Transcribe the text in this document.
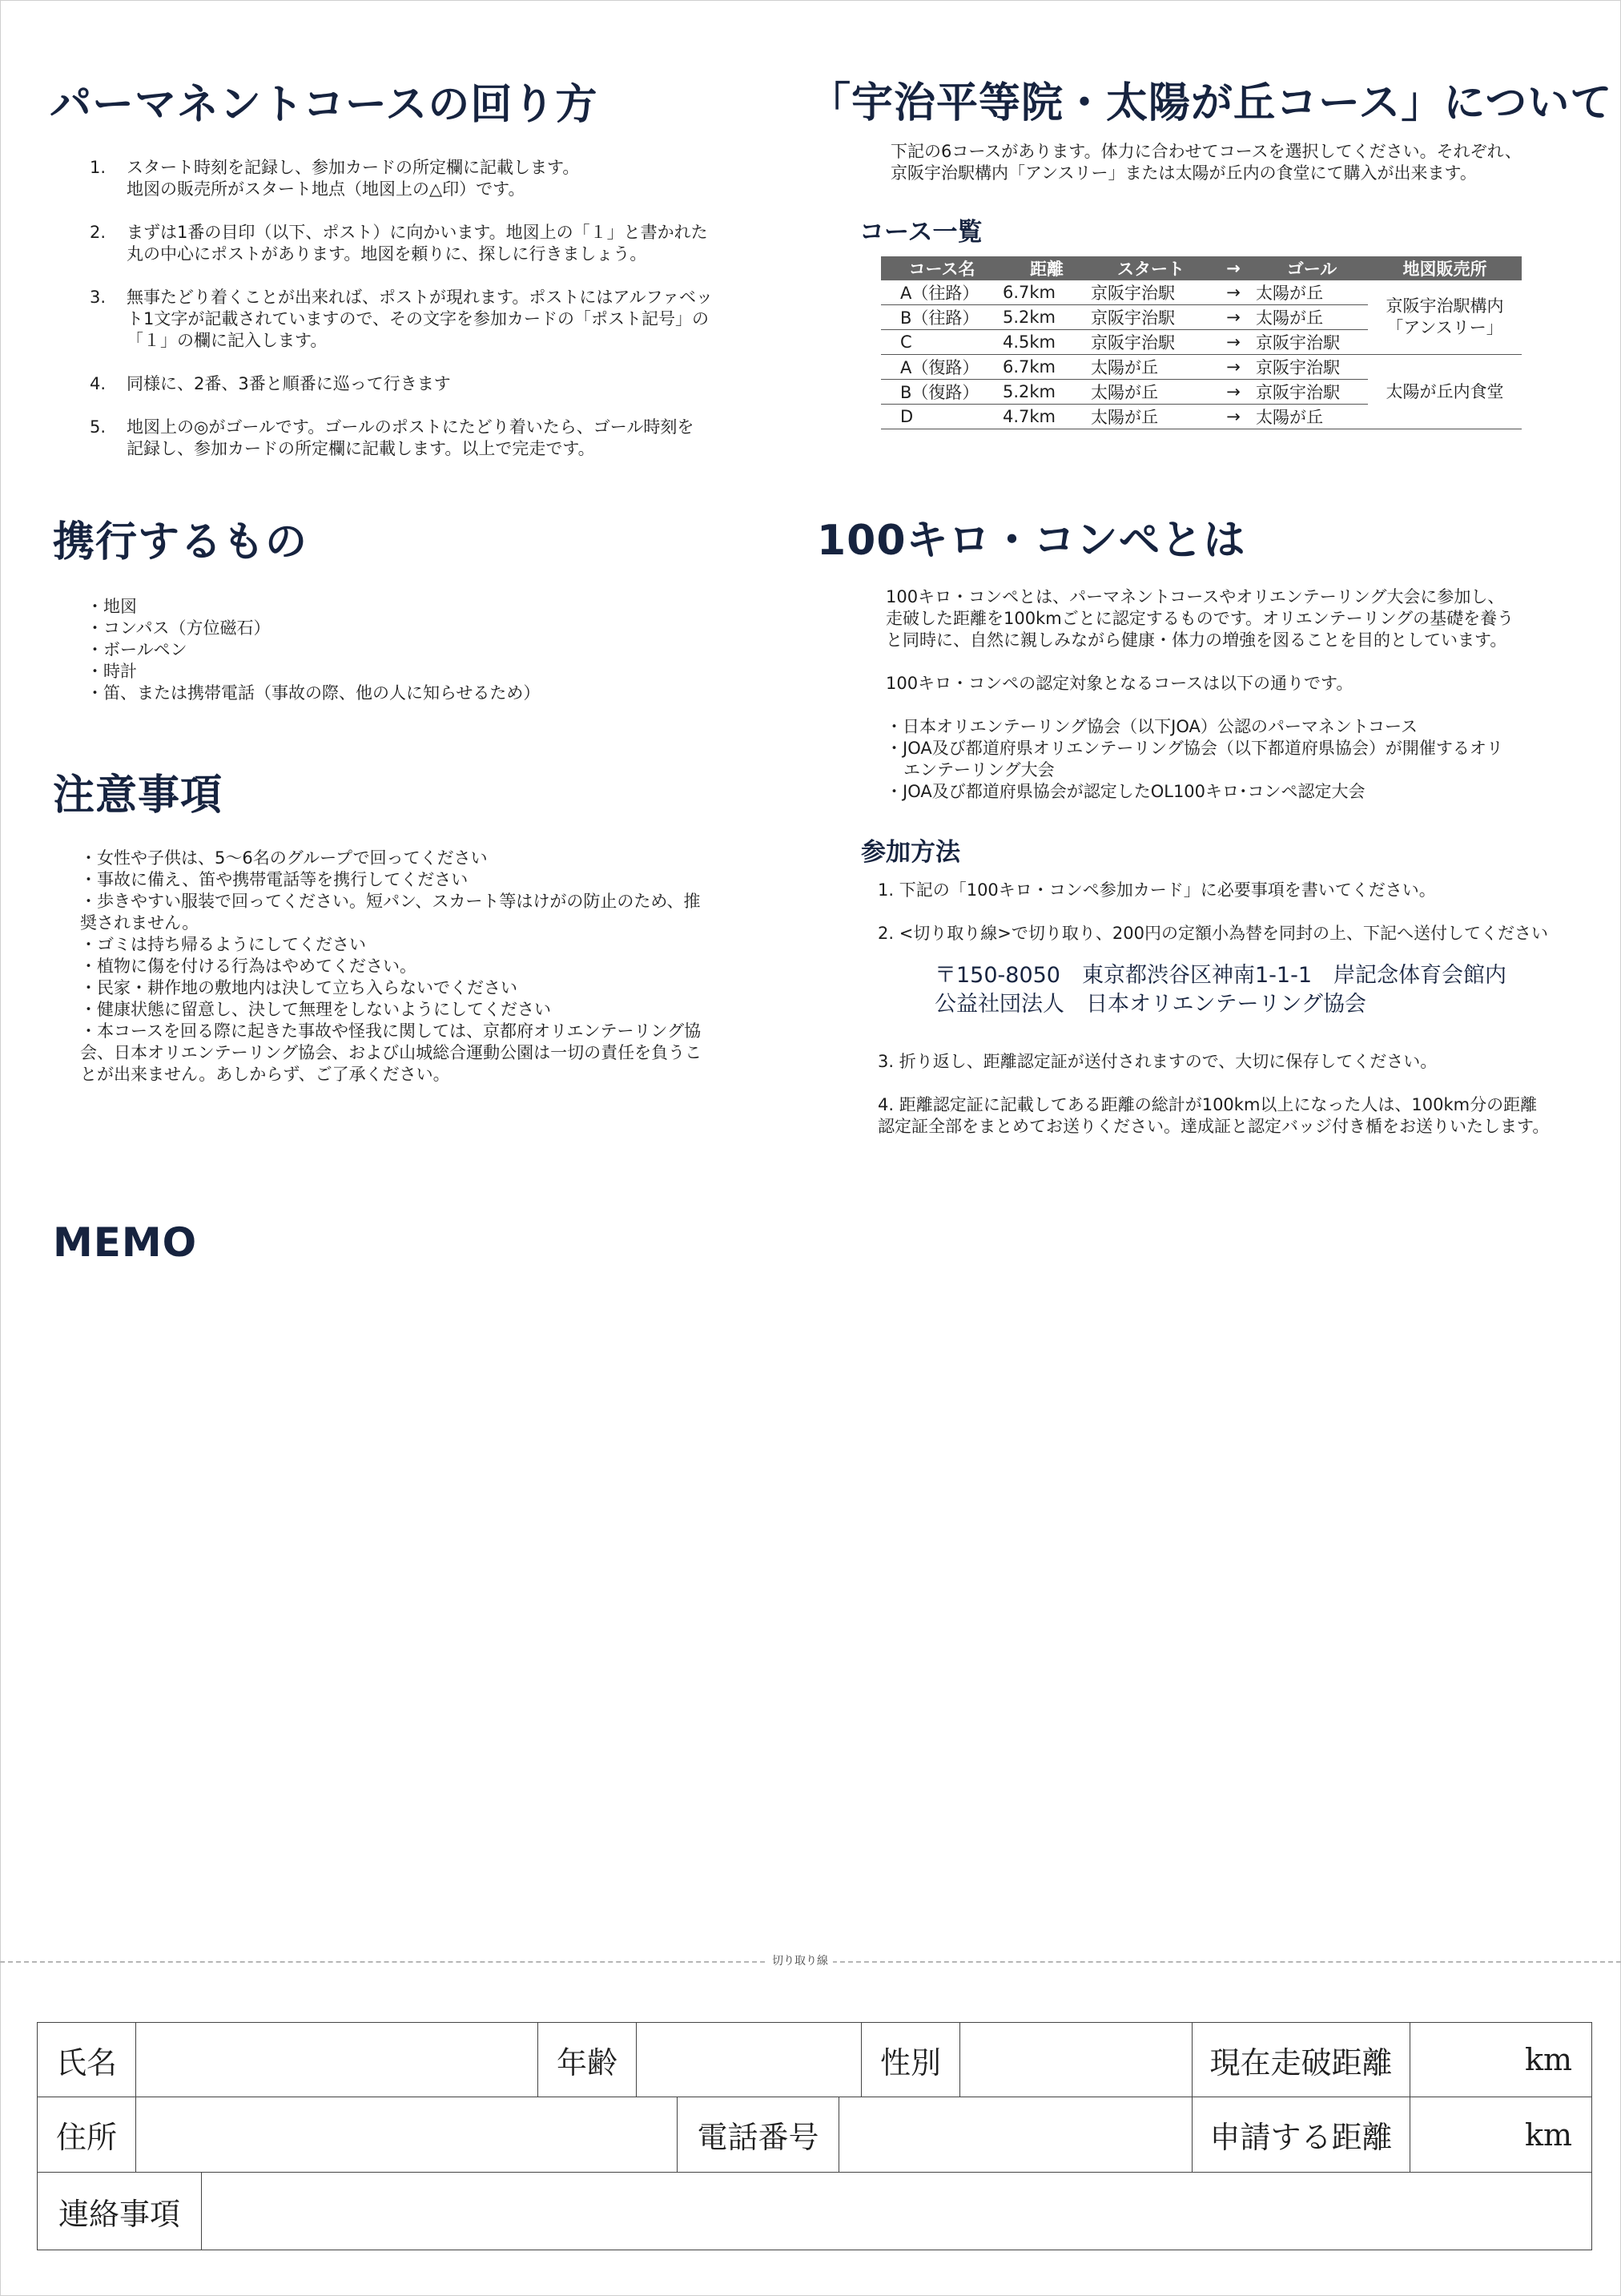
パーマネントコースの回り方
1. スタート時刻を記録し、参加カードの所定欄に記載します。
地図の販売所がスタート地点（地図上の△印）です。
2. まずは1番の目印（以下、ポスト）に向かいます。地図上の「１」と書かれた
丸の中心にポストがあります。地図を頼りに、探しに行きましょう。
3. 無事たどり着くことが出来れば、ポストが現れます。ポストにはアルファベッ
ト1文字が記載されていますので、その文字を参加カードの「ポスト記号」の
「１」の欄に記入します。
4. 同様に、2番、3番と順番に巡って行きます
5. 地図上の◎がゴールです。ゴールのポストにたどり着いたら、ゴール時刻を
記録し、参加カードの所定欄に記載します。以上で完走です。
携行するもの
・地図
・コンパス（方位磁石）
・ボールペン
・時計
・笛、または携帯電話（事故の際、他の人に知らせるため）
注意事項
・女性や子供は、5～6名のグループで回ってください
・事故に備え、笛や携帯電話等を携行してください
・歩きやすい服装で回ってください。短パン、スカート等はけがの防止のため、推
奨されません。
・ゴミは持ち帰るようにしてください
・植物に傷を付ける行為はやめてください。
・民家・耕作地の敷地内は決して立ち入らないでください
・健康状態に留意し、決して無理をしないようにしてください
・本コースを回る際に起きた事故や怪我に関しては、京都府オリエンテーリング協
会、日本オリエンテーリング協会、および山城総合運動公園は一切の責任を負うこ
とが出来ません。あしからず、ご了承ください。
MEMO
「宇治平等院・太陽が丘コース」について
下記の6コースがあります。体力に合わせてコースを選択してください。それぞれ、
京阪宇治駅構内「アンスリー」または太陽が丘内の食堂にて購入が出来ます。
コース一覧
コース名	距離	スタート	→	ゴール	地図販売所
A（往路）	6.7km	京阪宇治駅	→	太陽が丘	京阪宇治駅構内
「アンスリー」

B（往路）	5.2km	京阪宇治駅	→	太陽が丘	
C	4.5km	京阪宇治駅	→	京阪宇治駅	
A（復路）	6.7km	太陽が丘	→	京阪宇治駅	太陽が丘内食堂

B（復路）	5.2km	太陽が丘	→	京阪宇治駅	
D	4.7km	太陽が丘	→	太陽が丘	
100キロ・コンペとは
100キロ・コンペとは、パーマネントコースやオリエンテーリング大会に参加し、
走破した距離を100kmごとに認定するものです。オリエンテーリングの基礎を養う
と同時に、自然に親しみながら健康・体力の増強を図ることを目的としています。
100キロ・コンペの認定対象となるコースは以下の通りです。
・日本オリエンテーリング協会（以下JOA）公認のパーマネントコース
・JOA及び都道府県オリエンテーリング協会（以下都道府県協会）が開催するオリ
エンテーリング大会
・JOA及び都道府県協会が認定したOL100キロ･コンペ認定大会
参加方法
1. 下記の「100キロ・コンペ参加カード」に必要事項を書いてください。
2. <切り取り線>で切り取り、200円の定額小為替を同封の上、下記へ送付してください
〒150-8050　東京都渋谷区神南1-1-1　岸記念体育会館内
公益社団法人　日本オリエンテーリング協会
3. 折り返し、距離認定証が送付されますので、大切に保存してください。
4. 距離認定証に記載してある距離の総計が100km以上になった人は、100km分の距離
認定証全部をまとめてお送りください。達成証と認定バッジ付き楯をお送りいたします。
切り取り線
氏名	年齢	性別	現在走破距離	km
住所	電話番号	申請する距離	km
連絡事項
